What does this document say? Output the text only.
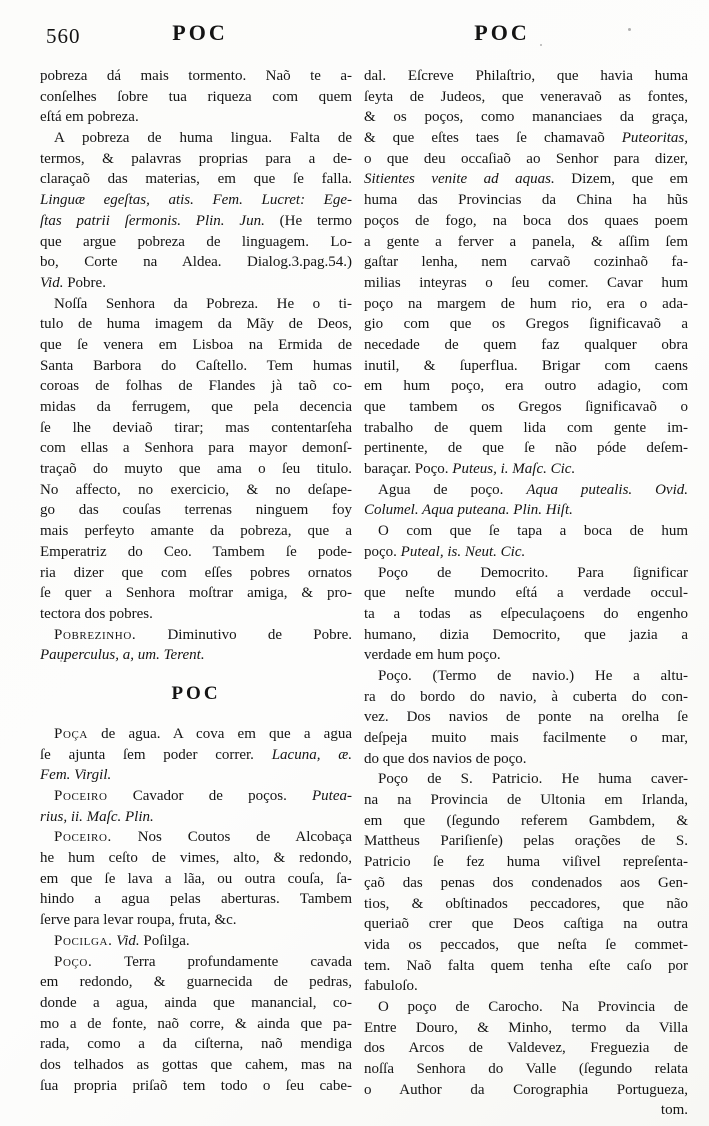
560	POC	POC
pobreza dá mais tormento. Naõ te a-
conſelhes ſobre tua riqueza com quem
eſtá em pobreza.
A pobreza de huma lingua. Falta de
termos, & palavras proprias para a de-
claraçaõ das materias, em que ſe falla.
Linguæ egeſtas, atis. Fem. Lucret: Ege-
ſtas patrii ſermonis. Plin. Jun. (He termo
que argue pobreza de linguagem. Lo-
bo, Corte na Aldea. Dialog.3.pag.54.)
Vid. Pobre.
Noſſa Senhora da Pobreza. He o ti-
tulo de huma imagem da Mãy de Deos,
que ſe venera em Lisboa na Ermida de
Santa Barbora do Caſtello. Tem humas
coroas de folhas de Flandes jà taõ co-
midas da ferrugem, que pela decencia
ſe lhe deviaõ tirar; mas contentarſeha
com ellas a Senhora para mayor demonſ-
traçaõ do muyto que ama o ſeu titulo.
No affecto, no exercicio, & no deſape-
go das couſas terrenas ninguem foy
mais perfeyto amante da pobreza, que a
Emperatriz do Ceo. Tambem ſe pode-
ria dizer que com eſſes pobres ornatos
ſe quer a Senhora moſtrar amiga, & pro-
tectora dos pobres.
Pobrezinho. Diminutivo de Pobre.
Pauperculus, a, um. Terent.
POC
Poça de agua. A cova em que a agua
ſe ajunta ſem poder correr. Lacuna, æ.
Fem. Virgil.
Poceiro Cavador de poços. Putea-
rius, ii. Maſc. Plin.
Poceiro. Nos Coutos de Alcobaça
he hum ceſto de vimes, alto, & redondo,
em que ſe lava a lãa, ou outra couſa, ſa-
hindo a agua pelas aberturas. Tambem
ſerve para levar roupa, fruta, &c.
Pocilga. Vid. Poſilga.
Poço. Terra profundamente cavada
em redondo, & guarnecida de pedras,
donde a agua, ainda que manancial, co-
mo a de fonte, naõ corre, & ainda que pa-
rada, como a da ciſterna, naõ mendiga
dos telhados as gottas que cahem, mas na
ſua propria priſaõ tem todo o ſeu cabe-
dal. Eſcreve Philaſtrio, que havia huma
ſeyta de Judeos, que veneravaõ as fontes,
& os poços, como mananciaes da graça,
& que eſtes taes ſe chamavaõ Puteoritas,
o que deu occaſiaõ ao Senhor para dizer,
Sitientes venite ad aquas. Dizem, que em
huma das Provincias da China ha hũs
poços de fogo, na boca dos quaes poem
a gente a ferver a panela, & aſſim ſem
gaſtar lenha, nem carvaõ cozinhaõ fa-
milias inteyras o ſeu comer. Cavar hum
poço na margem de hum rio, era o ada-
gio com que os Gregos ſignificavaõ a
necedade de quem faz qualquer obra
inutil, & ſuperflua. Brigar com caens
em hum poço, era outro adagio, com
que tambem os Gregos ſignificavaõ o
trabalho de quem lida com gente im-
pertinente, de que ſe não póde deſem-
baraçar. Poço. Puteus, i. Maſc. Cic.
Agua de poço. Aqua putealis. Ovid.
Columel. Aqua puteana. Plin. Hiſt.
O com que ſe tapa a boca de hum
poço. Puteal, is. Neut. Cic.
Poço de Democrito. Para ſignificar
que neſte mundo eſtá a verdade occul-
ta a todas as eſpeculaçoens do engenho
humano, dizia Democrito, que jazia a
verdade em hum poço.
Poço. (Termo de navio.) He a altu-
ra do bordo do navio, à cuberta do con-
vez. Dos navios de ponte na orelha ſe
deſpeja muito mais facilmente o mar,
do que dos navios de poço.
Poço de S. Patricio. He huma caver-
na na Provincia de Ultonia em Irlanda,
em que (ſegundo referem Gambdem, &
Mattheus Pariſienſe) pelas orações de S.
Patricio ſe fez huma viſivel repreſenta-
çaõ das penas dos condenados aos Gen-
tios, & obſtinados peccadores, que não
queriaõ crer que Deos caſtiga na outra
vida os peccados, que neſta ſe commet-
tem. Naõ falta quem tenha eſte caſo por
fabuloſo.
O poço de Carocho. Na Provincia de
Entre Douro, & Minho, termo da Villa
dos Arcos de Valdevez, Freguezia de
noſſa Senhora do Valle (ſegundo relata
o Author da Corographia Portugueza,
tom.
